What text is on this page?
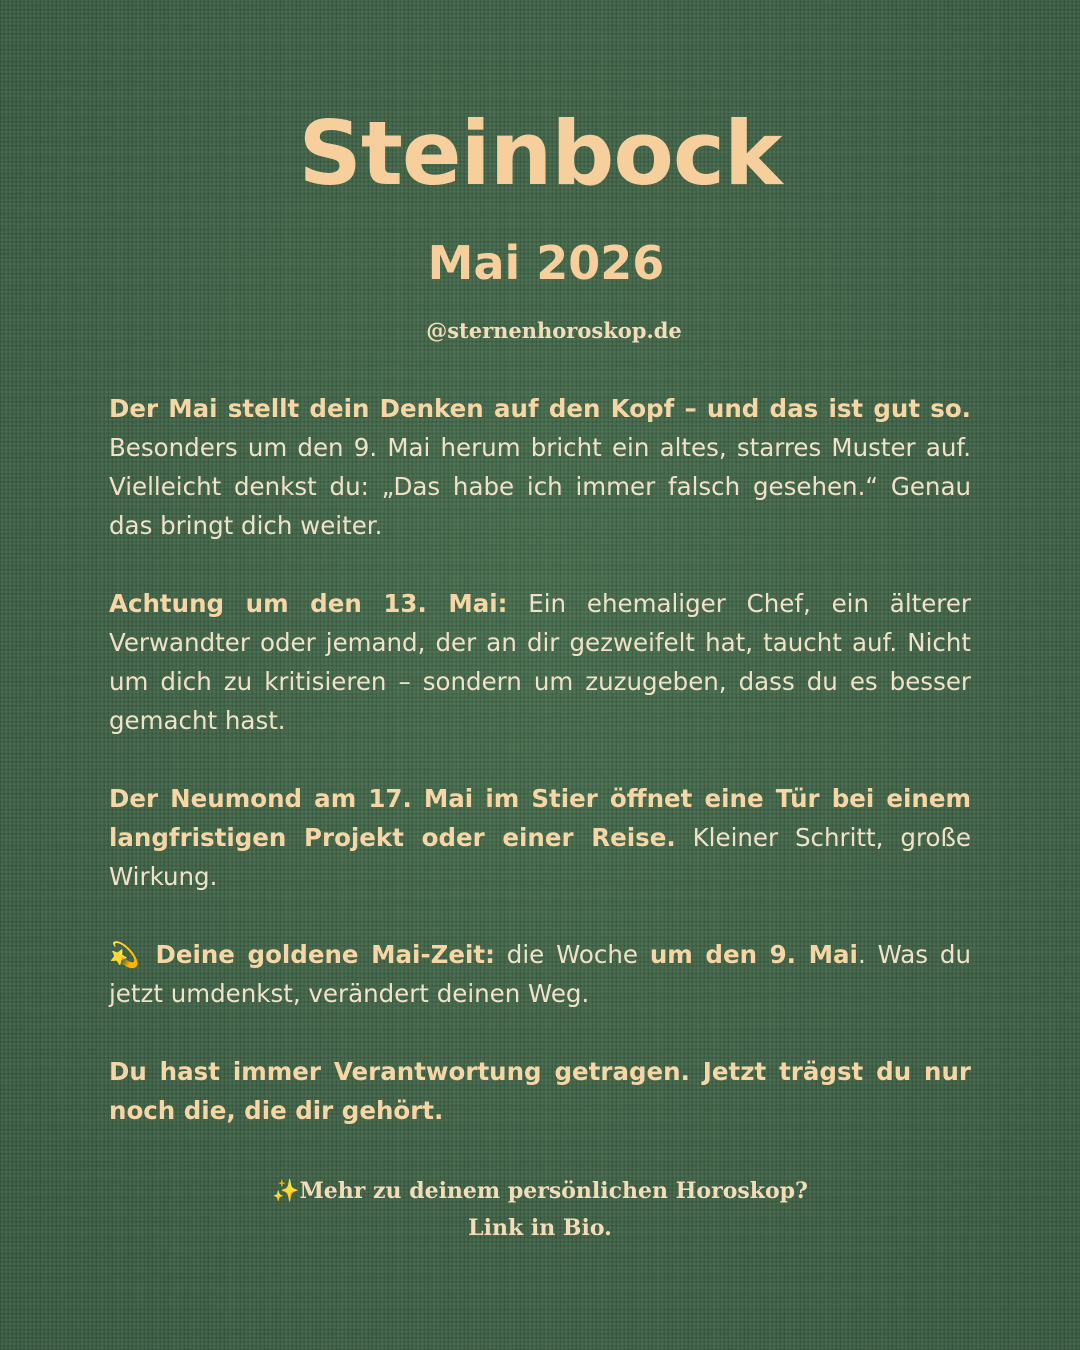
Steinbock
Mai 2026
@sternenhoroskop.de

Der Mai stellt dein Denken auf den Kopf – und das ist gut so. Besonders um den 9. Mai herum bricht ein altes, starres Muster auf. Vielleicht denkst du: „Das habe ich immer falsch gesehen.“ Genau das bringt dich weiter.

Achtung um den 13. Mai: Ein ehemaliger Chef, ein älterer Verwandter oder jemand, der an dir gezweifelt hat, taucht auf. Nicht um dich zu kritisieren – sondern um zuzugeben, dass du es besser gemacht hast.

Der Neumond am 17. Mai im Stier öffnet eine Tür bei einem langfristigen Projekt oder einer Reise. Kleiner Schritt, große Wirkung.

💫 Deine goldene Mai-Zeit: die Woche um den 9. Mai. Was du jetzt umdenkst, verändert deinen Weg.

Du hast immer Verantwortung getragen. Jetzt trägst du nur noch die, die dir gehört.

✨Mehr zu deinem persönlichen Horoskop?
Link in Bio.
